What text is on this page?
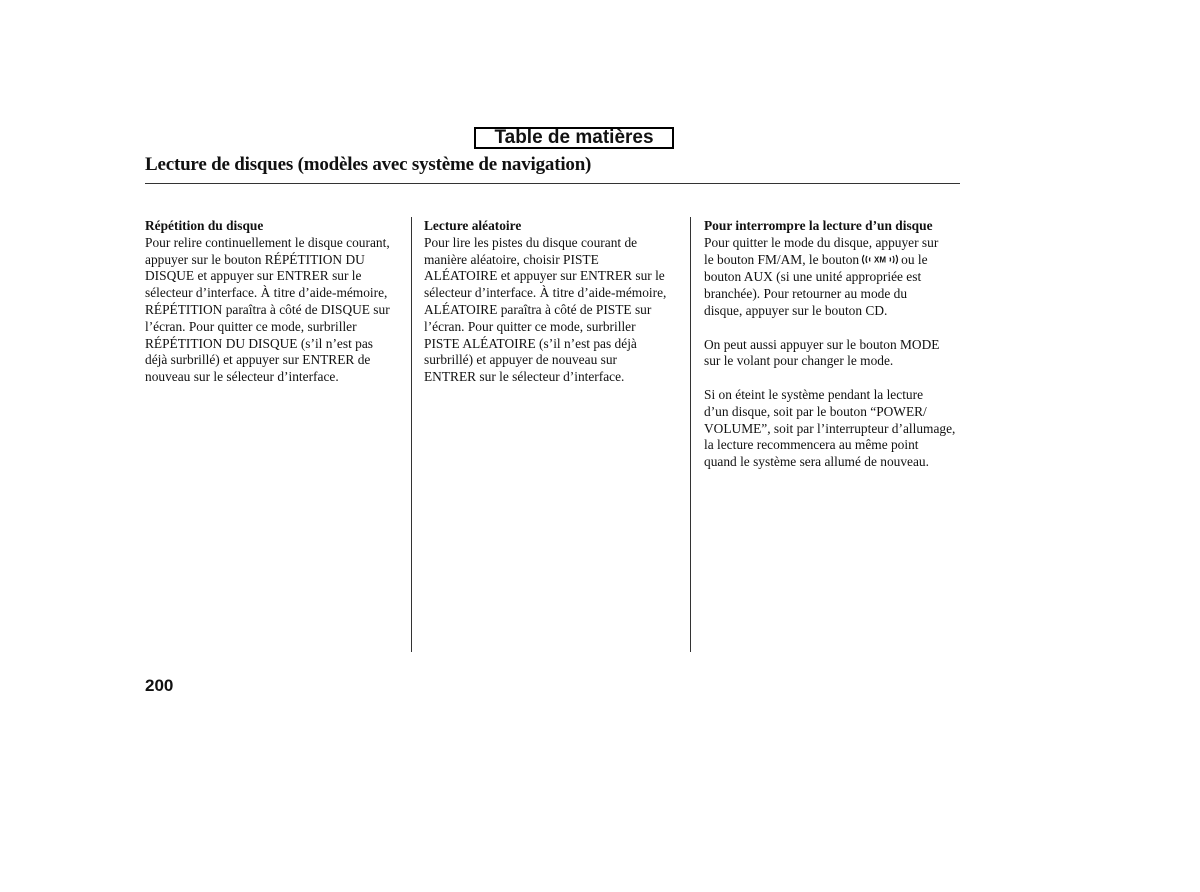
Table de matières
Lecture de disques (modèles avec système de navigation)
Répétition du disque
Pour relire continuellement le disque courant,
appuyer sur le bouton RÉPÉTITION DU
DISQUE et appuyer sur ENTRER sur le
sélecteur d’interface. À titre d’aide-mémoire,
RÉPÉTITION paraîtra à côté de DISQUE sur
l’écran. Pour quitter ce mode, surbriller
RÉPÉTITION DU DISQUE (s’il n’est pas
déjà surbrillé) et appuyer sur ENTRER de
nouveau sur le sélecteur d’interface.
Lecture aléatoire
Pour lire les pistes du disque courant de
manière aléatoire, choisir PISTE
ALÉATOIRE et appuyer sur ENTRER sur le
sélecteur d’interface. À titre d’aide-mémoire,
ALÉATOIRE paraîtra à côté de PISTE sur
l’écran. Pour quitter ce mode, surbriller
PISTE ALÉATOIRE (s’il n’est pas déjà
surbrillé) et appuyer de nouveau sur
ENTRER sur le sélecteur d’interface.
Pour interrompre la lecture d’un disque

Pour quitter le mode du disque, appuyer sur
le bouton FM/AM, le bouton XM ou le
bouton AUX (si une unité appropriée est
branchée). Pour retourner au mode du
disque, appuyer sur le bouton CD.

On peut aussi appuyer sur le bouton MODE
sur le volant pour changer le mode.

Si on éteint le système pendant la lecture
d’un disque, soit par le bouton “POWER/
VOLUME”, soit par l’interrupteur d’allumage,
la lecture recommencera au même point
quand le système sera allumé de nouveau.

200
